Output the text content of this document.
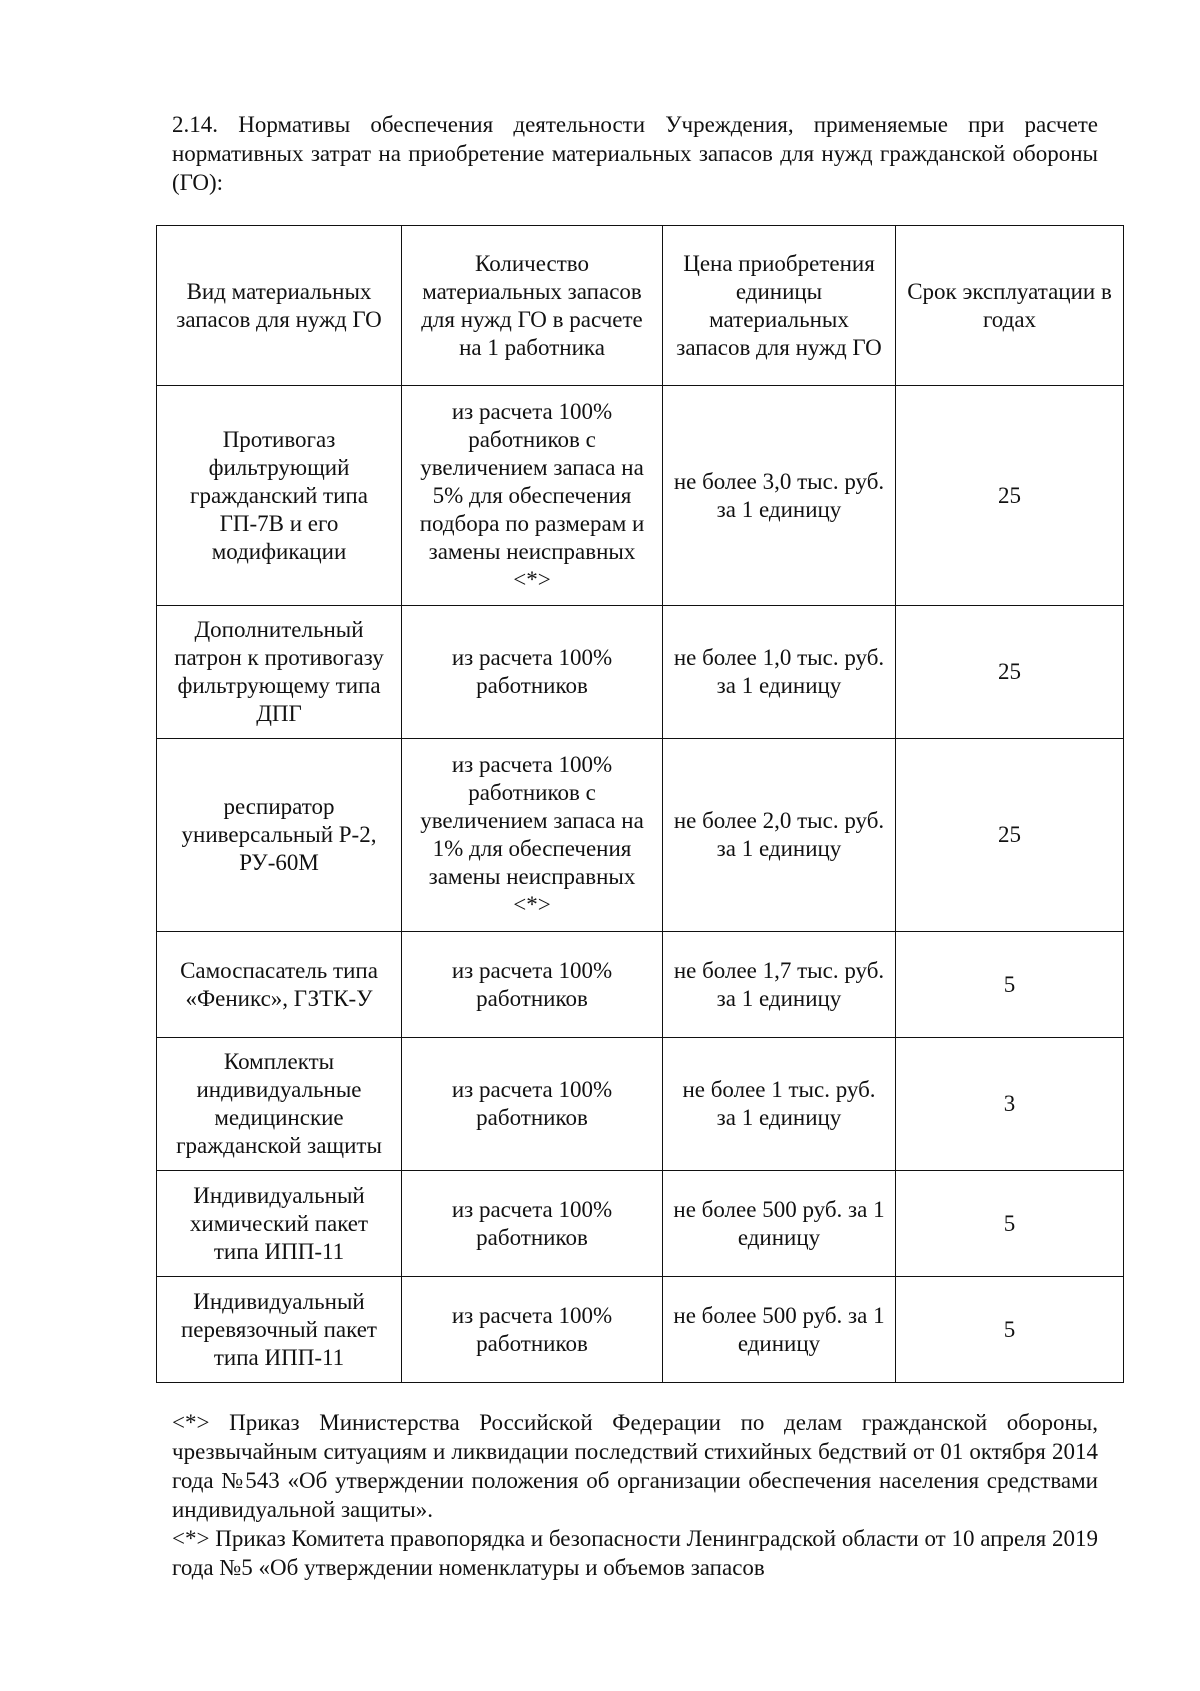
2.14. Нормативы обеспечения деятельности Учреждения, применяемые при расчете нормативных затрат на приобретение материальных запасов для нужд гражданской обороны (ГО):

Вид материальных запасов для нужд ГО	Количество материальных запасов для нужд ГО в расчете на 1 работника	Цена приобретения единицы материальных запасов для нужд ГО	Срок эксплуатации в годах
Противогаз фильтрующий гражданский типа ГП-7В и его модификации	из расчета 100% работников с увеличением запаса на 5% для обеспечения подбора по размерам и замены неисправных <*>	не более 3,0 тыс. руб. за 1 единицу	25
Дополнительный патрон к противогазу фильтрующему типа ДПГ	из расчета 100% работников	не более 1,0 тыс. руб. за 1 единицу	25
респиратор универсальный Р-2, РУ-60М	из расчета 100% работников с увеличением запаса на 1% для обеспечения замены неисправных <*>	не более 2,0 тыс. руб. за 1 единицу	25
Самоспасатель типа «Феникс», ГЗТК-У	из расчета 100% работников	не более 1,7 тыс. руб. за 1 единицу	5
Комплекты индивидуальные медицинские гражданской защиты	из расчета 100% работников	не более 1 тыс. руб. за 1 единицу	3
Индивидуальный химический пакет типа ИПП-11	из расчета 100% работников	не более 500 руб. за 1 единицу	5
Индивидуальный перевязочный пакет типа ИПП-11	из расчета 100% работников	не более 500 руб. за 1 единицу	5

<*> Приказ Министерства Российской Федерации по делам гражданской обороны, чрезвычайным ситуациям и ликвидации последствий стихийных бедствий от 01 октября 2014 года №543 «Об утверждении положения об организации обеспечения населения средствами индивидуальной защиты».

<*> Приказ Комитета правопорядка и безопасности Ленинградской области от 10 апреля 2019 года №5 «Об утверждении номенклатуры и объемов запасов
